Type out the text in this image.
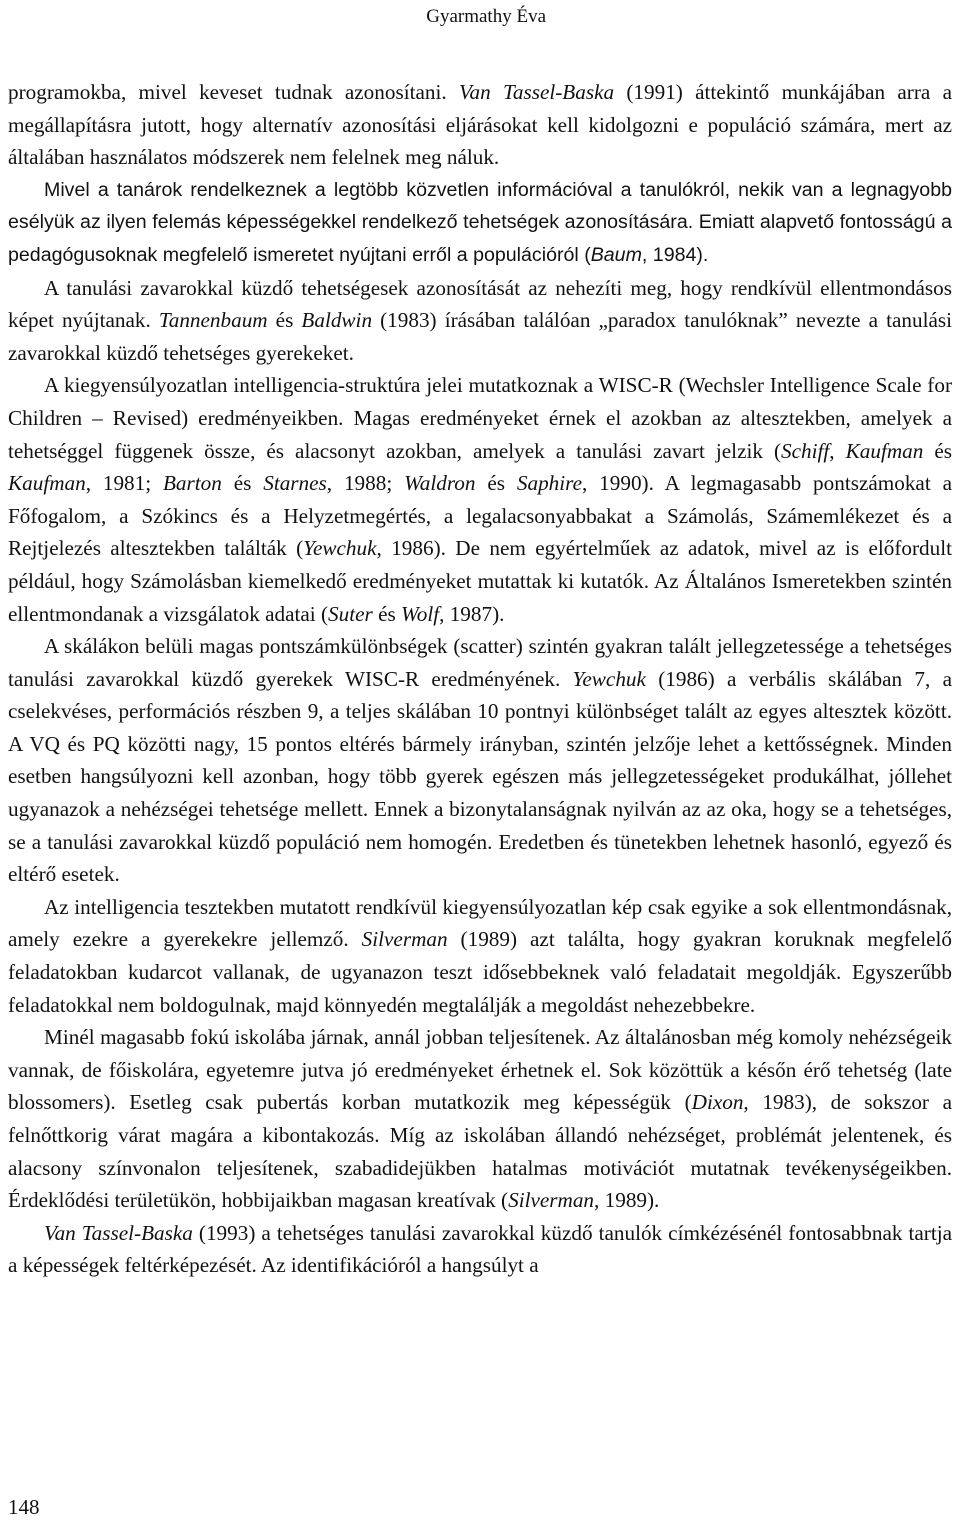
Gyarmathy Éva

programokba, mivel keveset tudnak azonosítani. Van Tassel-Baska (1991) áttekintő munkájában arra a megállapításra jutott, hogy alternatív azonosítási eljárásokat kell kidolgozni e populáció számára, mert az általában használatos módszerek nem felelnek meg náluk.

Mivel a tanárok rendelkeznek a legtöbb közvetlen információval a tanulókról, nekik van a legnagyobb esélyük az ilyen felemás képességekkel rendelkező tehetségek azonosítására. Emiatt alapvető fontosságú a pedagógusoknak megfelelő ismeretet nyújtani erről a populációról (Baum, 1984).

A tanulási zavarokkal küzdő tehetségesek azonosítását az nehezíti meg, hogy rendkívül ellentmondásos képet nyújtanak. Tannenbaum és Baldwin (1983) írásában találóan „paradox tanulóknak” nevezte a tanulási zavarokkal küzdő tehetséges gyerekeket.

A kiegyensúlyozatlan intelligencia-struktúra jelei mutatkoznak a WISC-R (Wechsler Intelligence Scale for Children – Revised) eredményeikben. Magas eredményeket érnek el azokban az altesztekben, amelyek a tehetséggel függenek össze, és alacsonyt azokban, amelyek a tanulási zavart jelzik (Schiff, Kaufman és Kaufman, 1981; Barton és Starnes, 1988; Waldron és Saphire, 1990). A legmagasabb pontszámokat a Főfogalom, a Szókincs és a Helyzetmegértés, a legalacsonyabbakat a Számolás, Számemlékezet és a Rejtjelezés altesztekben találták (Yewchuk, 1986). De nem egyértelműek az adatok, mivel az is előfordult például, hogy Számolásban kiemelkedő eredményeket mutattak ki kutatók. Az Általános Ismeretekben szintén ellentmondanak a vizsgálatok adatai (Suter és Wolf, 1987).

A skálákon belüli magas pontszámkülönbségek (scatter) szintén gyakran talált jellegzetessége a tehetséges tanulási zavarokkal küzdő gyerekek WISC-R eredményének. Yewchuk (1986) a verbális skálában 7, a cselekvéses, performációs részben 9, a teljes skálában 10 pontnyi különbséget talált az egyes altesztek között. A VQ és PQ közötti nagy, 15 pontos eltérés bármely irányban, szintén jelzője lehet a kettősségnek. Minden esetben hangsúlyozni kell azonban, hogy több gyerek egészen más jellegzetességeket produkálhat, jóllehet ugyanazok a nehézségei tehetsége mellett. Ennek a bizonytalanságnak nyilván az az oka, hogy se a tehetséges, se a tanulási zavarokkal küzdő populáció nem homogén. Eredetben és tünetekben lehetnek hasonló, egyező és eltérő esetek.

Az intelligencia tesztekben mutatott rendkívül kiegyensúlyozatlan kép csak egyike a sok ellentmondásnak, amely ezekre a gyerekekre jellemző. Silverman (1989) azt találta, hogy gyakran koruknak megfelelő feladatokban kudarcot vallanak, de ugyanazon teszt idősebbeknek való feladatait megoldják. Egyszerűbb feladatokkal nem boldogulnak, majd könnyedén megtalálják a megoldást nehezebbekre.

Minél magasabb fokú iskolába járnak, annál jobban teljesítenek. Az általánosban még komoly nehézségeik vannak, de főiskolára, egyetemre jutva jó eredményeket érhetnek el. Sok közöttük a későn érő tehetség (late blossomers). Esetleg csak pubertás korban mutatkozik meg képességük (Dixon, 1983), de sokszor a felnőttkorig várat magára a kibontakozás. Míg az iskolában állandó nehézséget, problémát jelentenek, és alacsony színvonalon teljesítenek, szabadidejükben hatalmas motivációt mutatnak tevékenységeikben. Érdeklődési területükön, hobbijaikban magasan kreatívak (Silverman, 1989).

Van Tassel-Baska (1993) a tehetséges tanulási zavarokkal küzdő tanulók címkézésénél fontosabbnak tartja a képességek feltérképezését. Az identifikációról a hangsúlyt a

148
